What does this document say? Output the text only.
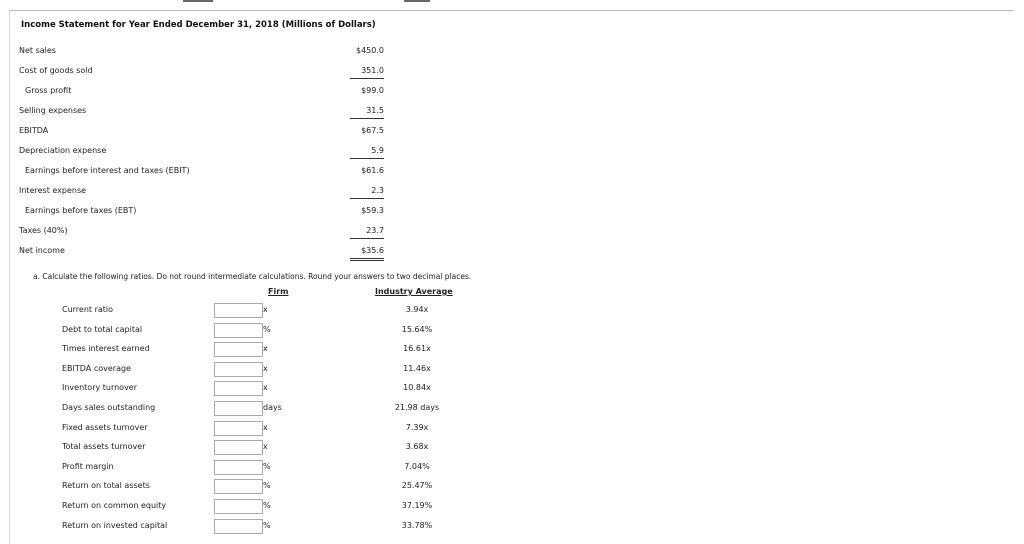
Income Statement for Year Ended December 31, 2018 (Millions of Dollars)
Net sales	$450.0
Cost of goods sold	351.0
Gross profit	$99.0
Selling expenses	31.5
EBITDA	$67.5
Depreciation expense	5.9
Earnings before interest and taxes (EBIT)	$61.6
Interest expense	2.3
Earnings before taxes (EBT)	$59.3
Taxes (40%)	23.7
Net income	$35.6
a. Calculate the following ratios. Do not round intermediate calculations. Round your answers to two decimal places.
Firm	Industry Average
Current ratio	x	3.94x
Debt to total capital	%	15.64%
Times interest earned	x	16.61x
EBITDA coverage	x	11.46x
Inventory turnover	x	10.84x
Days sales outstanding	days	21.98 days
Fixed assets turnover	x	7.39x
Total assets turnover	x	3.68x
Profit margin	%	7.04%
Return on total assets	%	25.47%
Return on common equity	%	37.19%
Return on invested capital	%	33.78%
